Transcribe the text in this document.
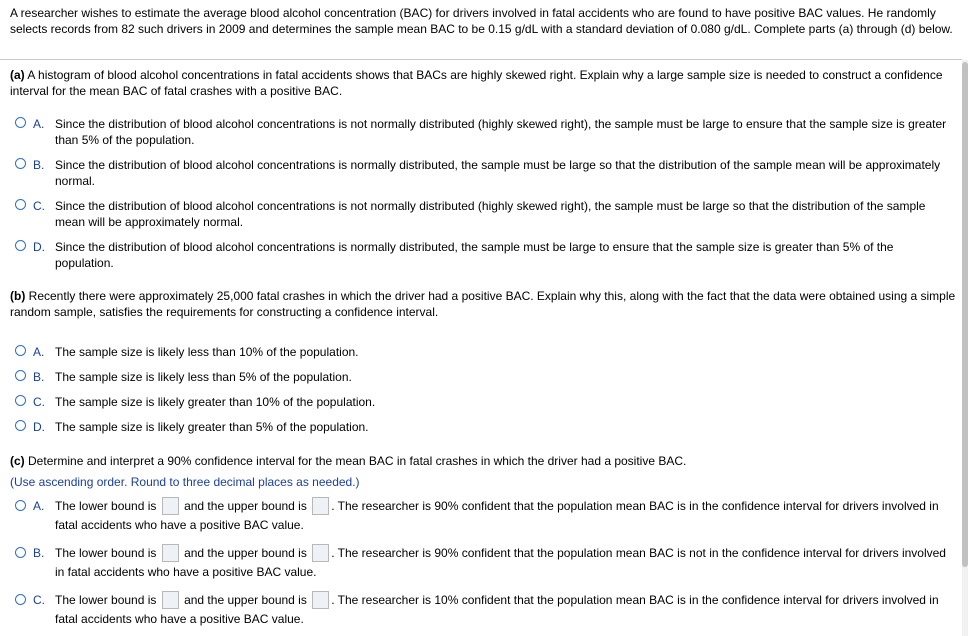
A researcher wishes to estimate the average blood alcohol concentration (BAC) for drivers involved in fatal accidents who are found to have positive BAC values. He randomly selects records from 82 such drivers in 2009 and determines the sample mean BAC to be 0.15 g/dL with a standard deviation of 0.080 g/dL. Complete parts (a) through (d) below.
(a) A histogram of blood alcohol concentrations in fatal accidents shows that BACs are highly skewed right. Explain why a large sample size is needed to construct a confidence interval for the mean BAC of fatal crashes with a positive BAC.
A. Since the distribution of blood alcohol concentrations is not normally distributed (highly skewed right), the sample must be large to ensure that the sample size is greater than 5% of the population.
B. Since the distribution of blood alcohol concentrations is normally distributed, the sample must be large so that the distribution of the sample mean will be approximately normal.
C. Since the distribution of blood alcohol concentrations is not normally distributed (highly skewed right), the sample must be large so that the distribution of the sample mean will be approximately normal.
D. Since the distribution of blood alcohol concentrations is normally distributed, the sample must be large to ensure that the sample size is greater than 5% of the population.
(b) Recently there were approximately 25,000 fatal crashes in which the driver had a positive BAC. Explain why this, along with the fact that the data were obtained using a simple random sample, satisfies the requirements for constructing a confidence interval.
A. The sample size is likely less than 10% of the population.
B. The sample size is likely less than 5% of the population.
C. The sample size is likely greater than 10% of the population.
D. The sample size is likely greater than 5% of the population.
(c) Determine and interpret a 90% confidence interval for the mean BAC in fatal crashes in which the driver had a positive BAC.
(Use ascending order. Round to three decimal places as needed.)
A. The lower bound is and the upper bound is . The researcher is 90% confident that the population mean BAC is in the confidence interval for drivers involved in fatal accidents who have a positive BAC value.
B. The lower bound is and the upper bound is . The researcher is 90% confident that the population mean BAC is not in the confidence interval for drivers involved in fatal accidents who have a positive BAC value.
C. The lower bound is and the upper bound is . The researcher is 10% confident that the population mean BAC is in the confidence interval for drivers involved in fatal accidents who have a positive BAC value.
